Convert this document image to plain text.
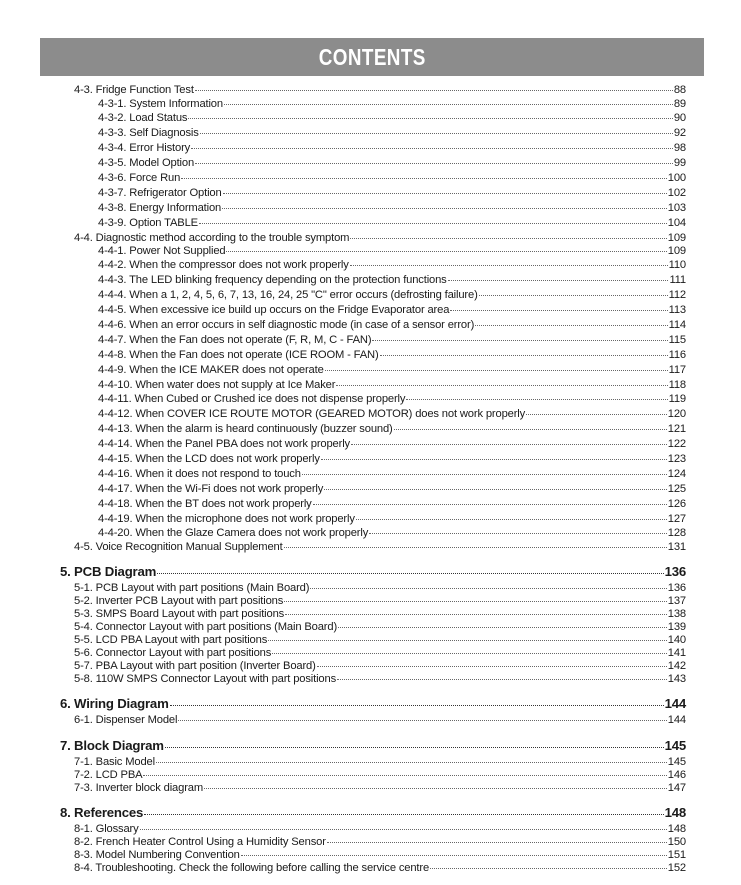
CONTENTS
4-3. Fridge Function Test	88
4-3-1. System Information	89
4-3-2. Load Status	90
4-3-3. Self Diagnosis	92
4-3-4. Error History	98
4-3-5. Model Option	99
4-3-6. Force Run	100
4-3-7. Refrigerator Option	102
4-3-8. Energy Information	103
4-3-9. Option TABLE	104
4-4. Diagnostic method according to the trouble symptom	109
4-4-1. Power Not Supplied	109
4-4-2. When the compressor does not work properly	110
4-4-3. The LED blinking frequency depending on the protection functions	111
4-4-4. When a 1, 2, 4, 5, 6, 7, 13, 16, 24, 25 "C" error occurs (defrosting failure)	112
4-4-5. When excessive ice build up occurs on the Fridge Evaporator area	113
4-4-6. When an error occurs in self diagnostic mode (in case of a sensor error)	114
4-4-7. When the Fan does not operate (F, R, M, C - FAN)	115
4-4-8. When the Fan does not operate (ICE ROOM - FAN)	116
4-4-9. When the ICE MAKER does not operate	117
4-4-10. When water does not supply at Ice Maker	118
4-4-11. When Cubed or Crushed ice does not dispense properly	119
4-4-12. When COVER ICE ROUTE MOTOR (GEARED MOTOR) does not work properly	120
4-4-13. When the alarm is heard continuously (buzzer sound)	121
4-4-14. When the Panel PBA does not work properly	122
4-4-15. When the LCD does not work properly	123
4-4-16. When it does not respond to touch	124
4-4-17. When the Wi-Fi does not work properly	125
4-4-18. When the BT does not work properly	126
4-4-19. When the microphone does not work properly	127
4-4-20. When the Glaze Camera does not work properly	128
4-5. Voice Recognition Manual Supplement	131
5. PCB Diagram	136
5-1. PCB Layout with part positions (Main Board)	136
5-2. Inverter PCB Layout with part positions	137
5-3. SMPS Board Layout with part positions	138
5-4. Connector Layout with part positions (Main Board)	139
5-5. LCD PBA Layout with part positions	140
5-6. Connector Layout with part positions	141
5-7. PBA Layout with part position (Inverter Board)	142
5-8. 110W SMPS Connector Layout with part positions	143
6. Wiring Diagram	144
6-1. Dispenser Model	144
7. Block Diagram	145
7-1. Basic Model	145
7-2. LCD PBA	146
7-3. Inverter block diagram	147
8. References	148
8-1. Glossary	148
8-2. French Heater Control Using a Humidity Sensor	150
8-3. Model Numbering Convention	151
8-4. Troubleshooting. Check the following before calling the service centre	152
